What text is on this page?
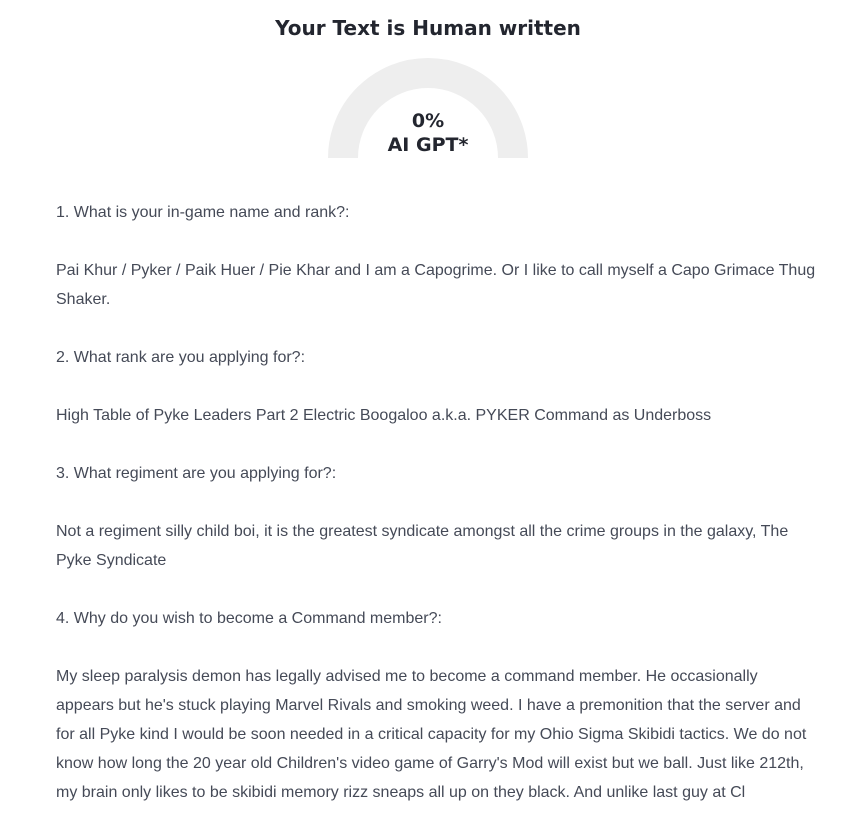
Your Text is Human written
0%
AI GPT*

1. What is your in-game name and rank?:

Pai Khur / Pyker / Paik Huer / Pie Khar and I am a Capogrime. Or I like to call myself a Capo Grimace Thug Shaker.

2. What rank are you applying for?:

High Table of Pyke Leaders Part 2 Electric Boogaloo a.k.a. PYKER Command as Underboss

3. What regiment are you applying for?:

Not a regiment silly child boi, it is the greatest syndicate amongst all the crime groups in the galaxy, The Pyke Syndicate

4. Why do you wish to become a Command member?:

My sleep paralysis demon has legally advised me to become a command member. He occasionally appears but he's stuck playing Marvel Rivals and smoking weed. I have a premonition that the server and for all Pyke kind I would be soon needed in a critical capacity for my Ohio Sigma Skibidi tactics. We do not know how long the 20 year old Children's video game of Garry's Mod will exist but we ball. Just like 212th, my brain only likes to be skibidi memory rizz sneaps all up on they black. And unlike last guy at Cl
